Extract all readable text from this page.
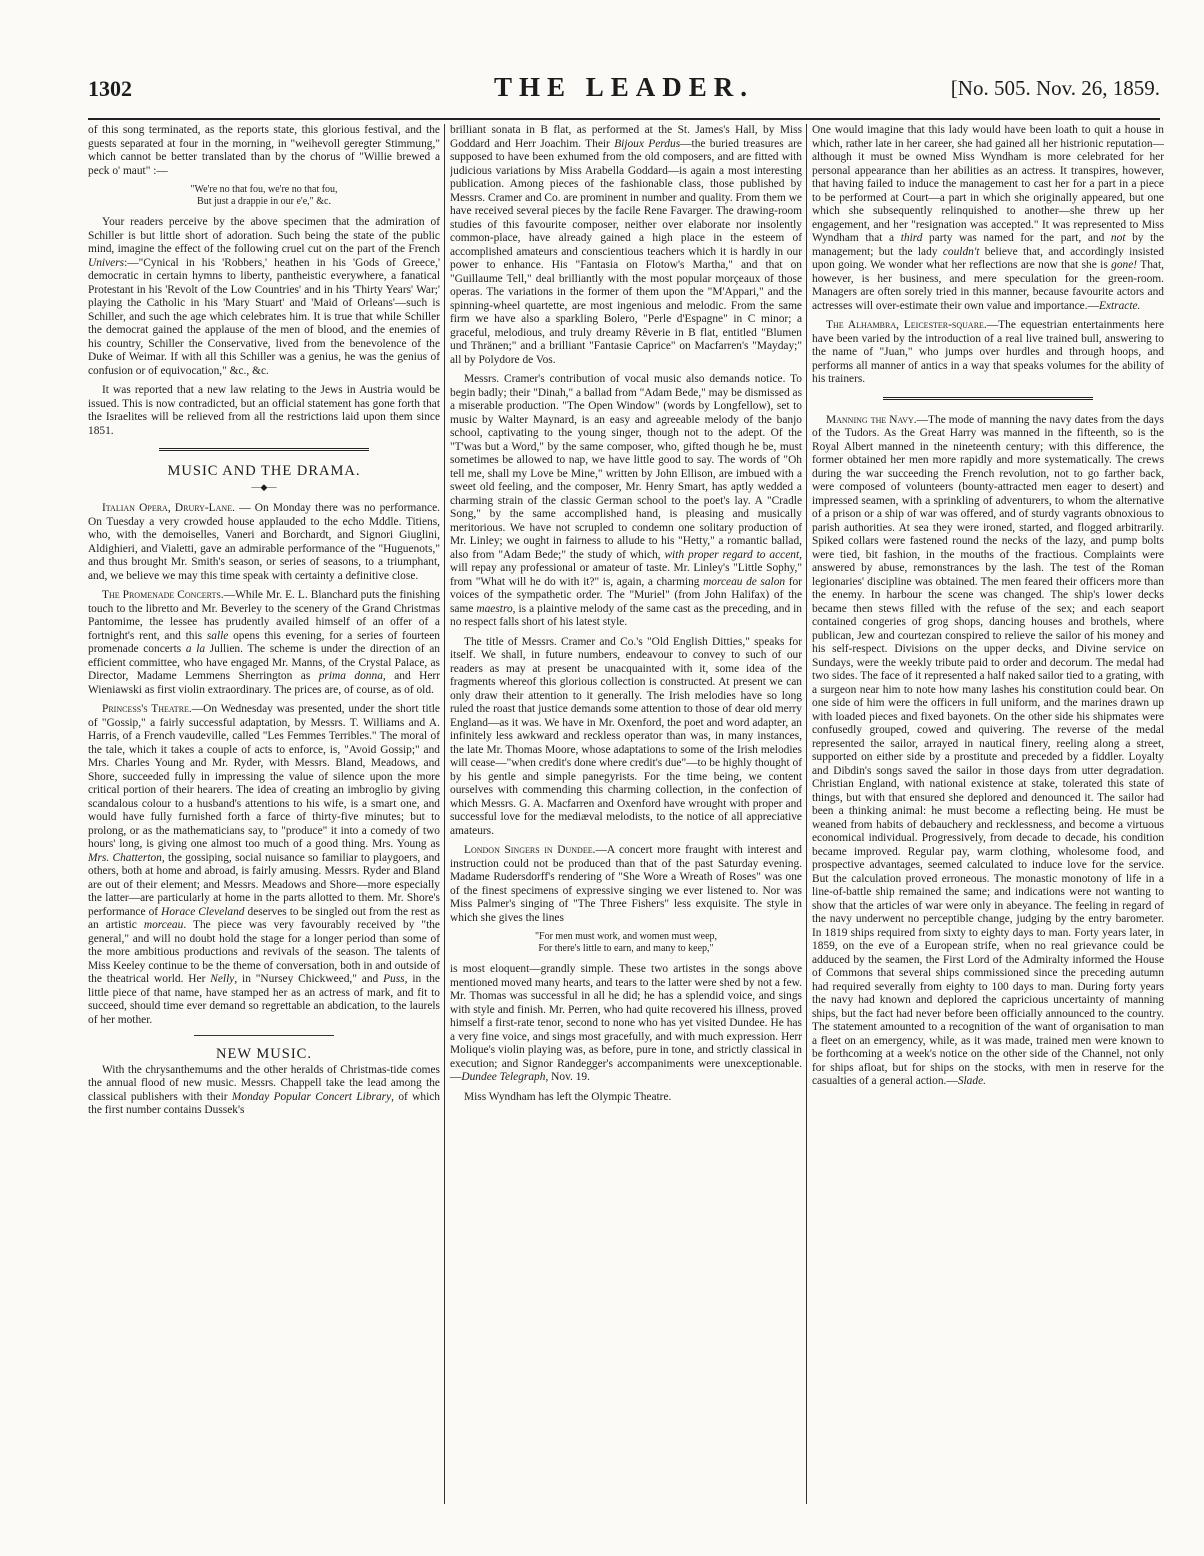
1302	THE LEADER.	[No. 505. Nov. 26, 1859.

of this song terminated, as the reports state, this glorious festival, and the guests separated at four in the morning, in "weihevoll geregter Stimmung," which cannot be better translated than by the chorus of "Willie brewed a peck o' maut" :—

"We're no that fou, we're no that fou,
But just a drappie in our e'e," &c.

Your readers perceive by the above specimen that the admiration of Schiller is but little short of adoration. Such being the state of the public mind, imagine the effect of the following cruel cut on the part of the French Univers:—"Cynical in his 'Robbers,' heathen in his 'Gods of Greece,' democratic in certain hymns to liberty, pantheistic everywhere, a fanatical Protestant in his 'Revolt of the Low Countries' and in his 'Thirty Years' War;' playing the Catholic in his 'Mary Stuart' and 'Maid of Orleans'—such is Schiller, and such the age which celebrates him. It is true that while Schiller the democrat gained the applause of the men of blood, and the enemies of his country, Schiller the Conservative, lived from the benevolence of the Duke of Weimar. If with all this Schiller was a genius, he was the genius of confusion or of equivocation," &c., &c.

It was reported that a new law relating to the Jews in Austria would be issued. This is now contradicted, but an official statement has gone forth that the Israelites will be relieved from all the restrictions laid upon them since 1851.

MUSIC AND THE DRAMA.
—◆—

Italian Opera, Drury-Lane. — On Monday there was no performance. On Tuesday a very crowded house applauded to the echo Mddle. Titiens, who, with the demoiselles, Vaneri and Borchardt, and Signori Giuglini, Aldighieri, and Vialetti, gave an admirable performance of the "Huguenots," and thus brought Mr. Smith's season, or series of seasons, to a triumphant, and, we believe we may this time speak with certainty a definitive close.

The Promenade Concerts.—While Mr. E. L. Blanchard puts the finishing touch to the libretto and Mr. Beverley to the scenery of the Grand Christmas Pantomime, the lessee has prudently availed himself of an offer of a fortnight's rent, and this salle opens this evening, for a series of fourteen promenade concerts a la Jullien. The scheme is under the direction of an efficient committee, who have engaged Mr. Manns, of the Crystal Palace, as Director, Madame Lemmens Sherrington as prima donna, and Herr Wieniawski as first violin extraordinary. The prices are, of course, as of old.

Princess's Theatre.—On Wednesday was presented, under the short title of "Gossip," a fairly successful adaptation, by Messrs. T. Williams and A. Harris, of a French vaudeville, called "Les Femmes Terribles." The moral of the tale, which it takes a couple of acts to enforce, is, "Avoid Gossip;" and Mrs. Charles Young and Mr. Ryder, with Messrs. Bland, Meadows, and Shore, succeeded fully in impressing the value of silence upon the more critical portion of their hearers. The idea of creating an imbroglio by giving scandalous colour to a husband's attentions to his wife, is a smart one, and would have fully furnished forth a farce of thirty-five minutes; but to prolong, or as the mathematicians say, to "produce" it into a comedy of two hours' long, is giving one almost too much of a good thing. Mrs. Young as Mrs. Chatterton, the gossiping, social nuisance so familiar to playgoers, and others, both at home and abroad, is fairly amusing. Messrs. Ryder and Bland are out of their element; and Messrs. Meadows and Shore—more especially the latter—are particularly at home in the parts allotted to them. Mr. Shore's performance of Horace Cleveland deserves to be singled out from the rest as an artistic morceau. The piece was very favourably received by "the general," and will no doubt hold the stage for a longer period than some of the more ambitious productions and revivals of the season. The talents of Miss Keeley continue to be the theme of conversation, both in and outside of the theatrical world. Her Nelly, in "Nursey Chickweed," and Puss, in the little piece of that name, have stamped her as an actress of mark, and fit to succeed, should time ever demand so regrettable an abdication, to the laurels of her mother.

NEW MUSIC.

With the chrysanthemums and the other heralds of Christmas-tide comes the annual flood of new music. Messrs. Chappell take the lead among the classical publishers with their Monday Popular Concert Library, of which the first number contains Dussek's

brilliant sonata in B flat, as performed at the St. James's Hall, by Miss Goddard and Herr Joachim. Their Bijoux Perdus—the buried treasures are supposed to have been exhumed from the old composers, and are fitted with judicious variations by Miss Arabella Goddard—is again a most interesting publication. Among pieces of the fashionable class, those published by Messrs. Cramer and Co. are prominent in number and quality. From them we have received several pieces by the facile Rene Favarger. The drawing-room studies of this favourite composer, neither over elaborate nor insolently common-place, have already gained a high place in the esteem of accomplished amateurs and conscientious teachers which it is hardly in our power to enhance. His "Fantasia on Flotow's Martha," and that on "Guillaume Tell," deal brilliantly with the most popular morçeaux of those operas. The variations in the former of them upon the "M'Appari," and the spinning-wheel quartette, are most ingenious and melodic. From the same firm we have also a sparkling Bolero, "Perle d'Espagne" in C minor; a graceful, melodious, and truly dreamy Rêverie in B flat, entitled "Blumen und Thränen;" and a brilliant "Fantasie Caprice" on Macfarren's "Mayday;" all by Polydore de Vos.

Messrs. Cramer's contribution of vocal music also demands notice. To begin badly; their "Dinah," a ballad from "Adam Bede," may be dismissed as a miserable production. "The Open Window" (words by Longfellow), set to music by Walter Maynard, is an easy and agreeable melody of the banjo school, captivating to the young singer, though not to the adept. Of the "T'was but a Word," by the same composer, who, gifted though he be, must sometimes be allowed to nap, we have little good to say. The words of "Oh tell me, shall my Love be Mine," written by John Ellison, are imbued with a sweet old feeling, and the composer, Mr. Henry Smart, has aptly wedded a charming strain of the classic German school to the poet's lay. A "Cradle Song," by the same accomplished hand, is pleasing and musically meritorious. We have not scrupled to condemn one solitary production of Mr. Linley; we ought in fairness to allude to his "Hetty," a romantic ballad, also from "Adam Bede;" the study of which, with proper regard to accent, will repay any professional or amateur of taste. Mr. Linley's "Little Sophy," from "What will he do with it?" is, again, a charming morceau de salon for voices of the sympathetic order. The "Muriel" (from John Halifax) of the same maestro, is a plaintive melody of the same cast as the preceding, and in no respect falls short of his latest style.

The title of Messrs. Cramer and Co.'s "Old English Ditties," speaks for itself. We shall, in future numbers, endeavour to convey to such of our readers as may at present be unacquainted with it, some idea of the fragments whereof this glorious collection is constructed. At present we can only draw their attention to it generally. The Irish melodies have so long ruled the roast that justice demands some attention to those of dear old merry England—as it was. We have in Mr. Oxenford, the poet and word adapter, an infinitely less awkward and reckless operator than was, in many instances, the late Mr. Thomas Moore, whose adaptations to some of the Irish melodies will cease—"when credit's done where credit's due"—to be highly thought of by his gentle and simple panegyrists. For the time being, we content ourselves with commending this charming collection, in the confection of which Messrs. G. A. Macfarren and Oxenford have wrought with proper and successful love for the mediæval melodists, to the notice of all appreciative amateurs.

London Singers in Dundee.—A concert more fraught with interest and instruction could not be produced than that of the past Saturday evening. Madame Rudersdorff's rendering of "She Wore a Wreath of Roses" was one of the finest specimens of expressive singing we ever listened to. Nor was Miss Palmer's singing of "The Three Fishers" less exquisite. The style in which she gives the lines

"For men must work, and women must weep,
For there's little to earn, and many to keep,"

is most eloquent—grandly simple. These two artistes in the songs above mentioned moved many hearts, and tears to the latter were shed by not a few. Mr. Thomas was successful in all he did; he has a splendid voice, and sings with style and finish. Mr. Perren, who had quite recovered his illness, proved himself a first-rate tenor, second to none who has yet visited Dundee. He has a very fine voice, and sings most gracefully, and with much expression. Herr Molique's violin playing was, as before, pure in tone, and strictly classical in execution; and Signor Randegger's accompaniments were unexceptionable.—Dundee Telegraph, Nov. 19.

Miss Wyndham has left the Olympic Theatre.

One would imagine that this lady would have been loath to quit a house in which, rather late in her career, she had gained all her histrionic reputation—although it must be owned Miss Wyndham is more celebrated for her personal appearance than her abilities as an actress. It transpires, however, that having failed to induce the management to cast her for a part in a piece to be performed at Court—a part in which she originally appeared, but one which she subsequently relinquished to another—she threw up her engagement, and her "resignation was accepted." It was represented to Miss Wyndham that a third party was named for the part, and not by the management; but the lady couldn't believe that, and accordingly insisted upon going. We wonder what her reflections are now that she is gone! That, however, is her business, and mere speculation for the green-room. Managers are often sorely tried in this manner, because favourite actors and actresses will over-estimate their own value and importance.—Extracte.

The Alhambra, Leicester-square.—The equestrian entertainments here have been varied by the introduction of a real live trained bull, answering to the name of "Juan," who jumps over hurdles and through hoops, and performs all manner of antics in a way that speaks volumes for the ability of his trainers.

Manning the Navy.—The mode of manning the navy dates from the days of the Tudors. As the Great Harry was manned in the fifteenth, so is the Royal Albert manned in the nineteenth century; with this difference, the former obtained her men more rapidly and more systematically. The crews during the war succeeding the French revolution, not to go farther back, were composed of volunteers (bounty-attracted men eager to desert) and impressed seamen, with a sprinkling of adventurers, to whom the alternative of a prison or a ship of war was offered, and of sturdy vagrants obnoxious to parish authorities. At sea they were ironed, started, and flogged arbitrarily. Spiked collars were fastened round the necks of the lazy, and pump bolts were tied, bit fashion, in the mouths of the fractious. Complaints were answered by abuse, remonstrances by the lash. The test of the Roman legionaries' discipline was obtained. The men feared their officers more than the enemy. In harbour the scene was changed. The ship's lower decks became then stews filled with the refuse of the sex; and each seaport contained congeries of grog shops, dancing houses and brothels, where publican, Jew and courtezan conspired to relieve the sailor of his money and his self-respect. Divisions on the upper decks, and Divine service on Sundays, were the weekly tribute paid to order and decorum. The medal had two sides. The face of it represented a half naked sailor tied to a grating, with a surgeon near him to note how many lashes his constitution could bear. On one side of him were the officers in full uniform, and the marines drawn up with loaded pieces and fixed bayonets. On the other side his shipmates were confusedly grouped, cowed and quivering. The reverse of the medal represented the sailor, arrayed in nautical finery, reeling along a street, supported on either side by a prostitute and preceded by a fiddler. Loyalty and Dibdin's songs saved the sailor in those days from utter degradation. Christian England, with national existence at stake, tolerated this state of things, but with that ensured she deplored and denounced it. The sailor had been a thinking animal: he must become a reflecting being. He must be weaned from habits of debauchery and recklessness, and become a virtuous economical individual. Progressively, from decade to decade, his condition became improved. Regular pay, warm clothing, wholesome food, and prospective advantages, seemed calculated to induce love for the service. But the calculation proved erroneous. The monastic monotony of life in a line-of-battle ship remained the same; and indications were not wanting to show that the articles of war were only in abeyance. The feeling in regard of the navy underwent no perceptible change, judging by the entry barometer. In 1819 ships required from sixty to eighty days to man. Forty years later, in 1859, on the eve of a European strife, when no real grievance could be adduced by the seamen, the First Lord of the Admiralty informed the House of Commons that several ships commissioned since the preceding autumn had required severally from eighty to 100 days to man. During forty years the navy had known and deplored the capricious uncertainty of manning ships, but the fact had never before been officially announced to the country. The statement amounted to a recognition of the want of organisation to man a fleet on an emergency, while, as it was made, trained men were known to be forthcoming at a week's notice on the other side of the Channel, not only for ships afloat, but for ships on the stocks, with men in reserve for the casualties of a general action.—Slade.
